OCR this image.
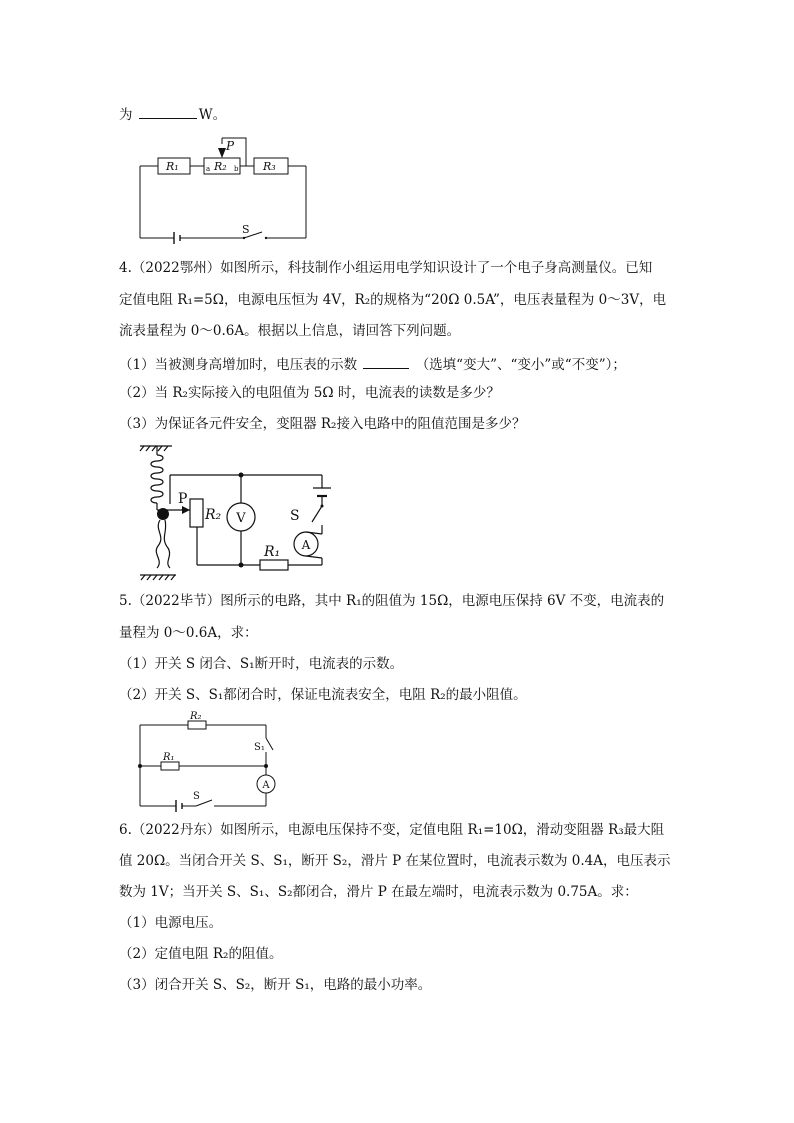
为	W。
P
R₁	R₂
a	b R₃
S
4.（2022鄂州）如图所示，科技制作小组运用电学知识设计了一个电子身高测量仪。已知
定值电阻 R₁=5Ω，电源电压恒为 4V，R₂的规格为“20Ω 0.5A”，电压表量程为 0～3V，电
流表量程为 0～0.6A。根据以上信息，请回答下列问题。
（1）当被测身高增加时，电压表的示数	（选填“变大”、“变小”或“不变”）；
（2）当 R₂实际接入的电阻值为 5Ω 时，电流表的读数是多少？
（3）为保证各元件安全，变阻器 R₂接入电路中的阻值范围是多少？
P
R₂ V	S
A
R₁
5.（2022毕节）图所示的电路，其中 R₁的阻值为 15Ω，电源电压保持 6V 不变，电流表的
量程为 0～0.6A，求：
（1）开关 S 闭合、S₁断开时，电流表的示数。
（2）开关 S、S₁都闭合时，保证电流表安全，电阻 R₂的最小阻值。
R₂
R₁
S₁
A
S
6.（2022丹东）如图所示，电源电压保持不变，定值电阻 R₁=10Ω，滑动变阻器 R₃最大阻
值 20Ω。当闭合开关 S、S₁，断开 S₂，滑片 P 在某位置时，电流表示数为 0.4A，电压表示
数为 1V；当开关 S、S₁、S₂都闭合，滑片 P 在最左端时，电流表示数为 0.75A。求：
（1）电源电压。
（2）定值电阻 R₂的阻值。
（3）闭合开关 S、S₂，断开 S₁，电路的最小功率。
